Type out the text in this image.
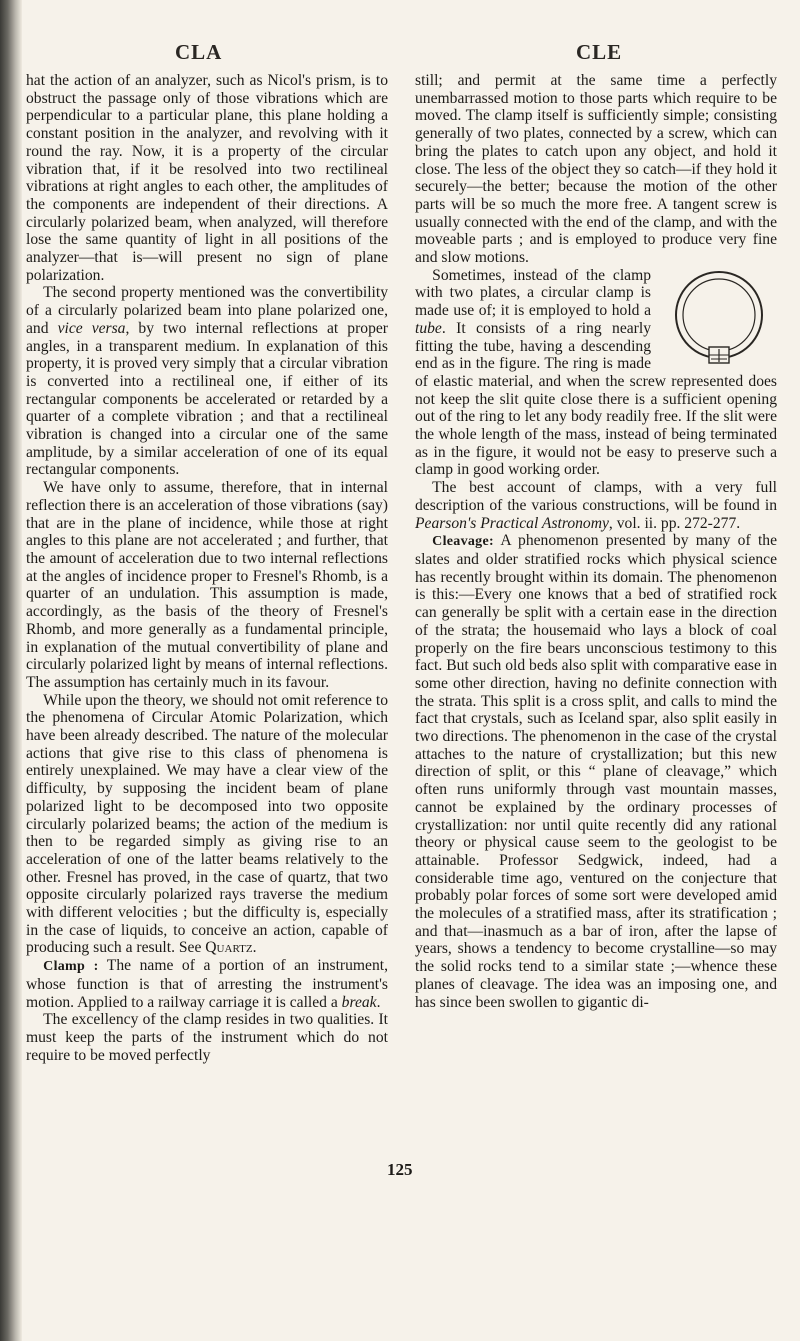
CLA	CLE

hat the action of an analyzer, such as Nicol's prism, is to obstruct the passage only of those vibrations which are perpendicular to a particular plane, this plane holding a constant position in the analyzer, and revolving with it round the ray. Now, it is a property of the circular vibration that, if it be resolved into two rectilineal vibrations at right angles to each other, the amplitudes of the components are independent of their directions. A circularly polarized beam, when analyzed, will therefore lose the same quantity of light in all positions of the analyzer—that is—will present no sign of plane polarization.

The second property mentioned was the convertibility of a circularly polarized beam into plane polarized one, and vice versa, by two internal reflections at proper angles, in a transparent medium. In explanation of this property, it is proved very simply that a circular vibration is converted into a rectilineal one, if either of its rectangular components be accelerated or retarded by a quarter of a complete vibration ; and that a rectilineal vibration is changed into a circular one of the same amplitude, by a similar acceleration of one of its equal rectangular components.

We have only to assume, therefore, that in internal reflection there is an acceleration of those vibrations (say) that are in the plane of incidence, while those at right angles to this plane are not accelerated ; and further, that the amount of acceleration due to two internal reflections at the angles of incidence proper to Fresnel's Rhomb, is a quarter of an undulation. This assumption is made, accordingly, as the basis of the theory of Fresnel's Rhomb, and more generally as a fundamental principle, in explanation of the mutual convertibility of plane and circularly polarized light by means of internal reflections. The assumption has certainly much in its favour.

While upon the theory, we should not omit reference to the phenomena of Circular Atomic Polarization, which have been already described. The nature of the molecular actions that give rise to this class of phenomena is entirely unexplained. We may have a clear view of the difficulty, by supposing the incident beam of plane polarized light to be decomposed into two opposite circularly polarized beams; the action of the medium is then to be regarded simply as giving rise to an acceleration of one of the latter beams relatively to the other. Fresnel has proved, in the case of quartz, that two opposite circularly polarized rays traverse the medium with different velocities ; but the difficulty is, especially in the case of liquids, to conceive an action, capable of producing such a result. See Quartz.

Clamp : The name of a portion of an instrument, whose function is that of arresting the instrument's motion. Applied to a railway carriage it is called a break.

The excellency of the clamp resides in two qualities. It must keep the parts of the instrument which do not require to be moved perfectly

still; and permit at the same time a perfectly unembarrassed motion to those parts which require to be moved. The clamp itself is sufficiently simple; consisting generally of two plates, connected by a screw, which can bring the plates to catch upon any object, and hold it close. The less of the object they so catch—if they hold it securely—the better; because the motion of the other parts will be so much the more free. A tangent screw is usually connected with the end of the clamp, and with the moveable parts ; and is employed to produce very fine and slow motions.

Sometimes, instead of the clamp with two plates, a circular clamp is made use of; it is employed to hold a tube. It consists of a ring nearly fitting the tube, having a descending end as in the figure. The ring is made of elastic material, and when the screw represented does not keep the slit quite close there is a sufficient opening out of the ring to let any body readily free. If the slit were the whole length of the mass, instead of being terminated as in the figure, it would not be easy to preserve such a clamp in good working order.

The best account of clamps, with a very full description of the various constructions, will be found in Pearson's Practical Astronomy, vol. ii. pp. 272-277.

Cleavage: A phenomenon presented by many of the slates and older stratified rocks which physical science has recently brought within its domain. The phenomenon is this:—Every one knows that a bed of stratified rock can generally be split with a certain ease in the direction of the strata; the housemaid who lays a block of coal properly on the fire bears unconscious testimony to this fact. But such old beds also split with comparative ease in some other direction, having no definite connection with the strata. This split is a cross split, and calls to mind the fact that crystals, such as Iceland spar, also split easily in two directions. The phenomenon in the case of the crystal attaches to the nature of crystallization; but this new direction of split, or this “ plane of cleavage,” which often runs uniformly through vast mountain masses, cannot be explained by the ordinary processes of crystallization: nor until quite recently did any rational theory or physical cause seem to the geologist to be attainable. Professor Sedgwick, indeed, had a considerable time ago, ventured on the conjecture that probably polar forces of some sort were developed amid the molecules of a stratified mass, after its stratification ; and that—inasmuch as a bar of iron, after the lapse of years, shows a tendency to become crystalline—so may the solid rocks tend to a similar state ;—whence these planes of cleavage. The idea was an imposing one, and has since been swollen to gigantic di-

125
